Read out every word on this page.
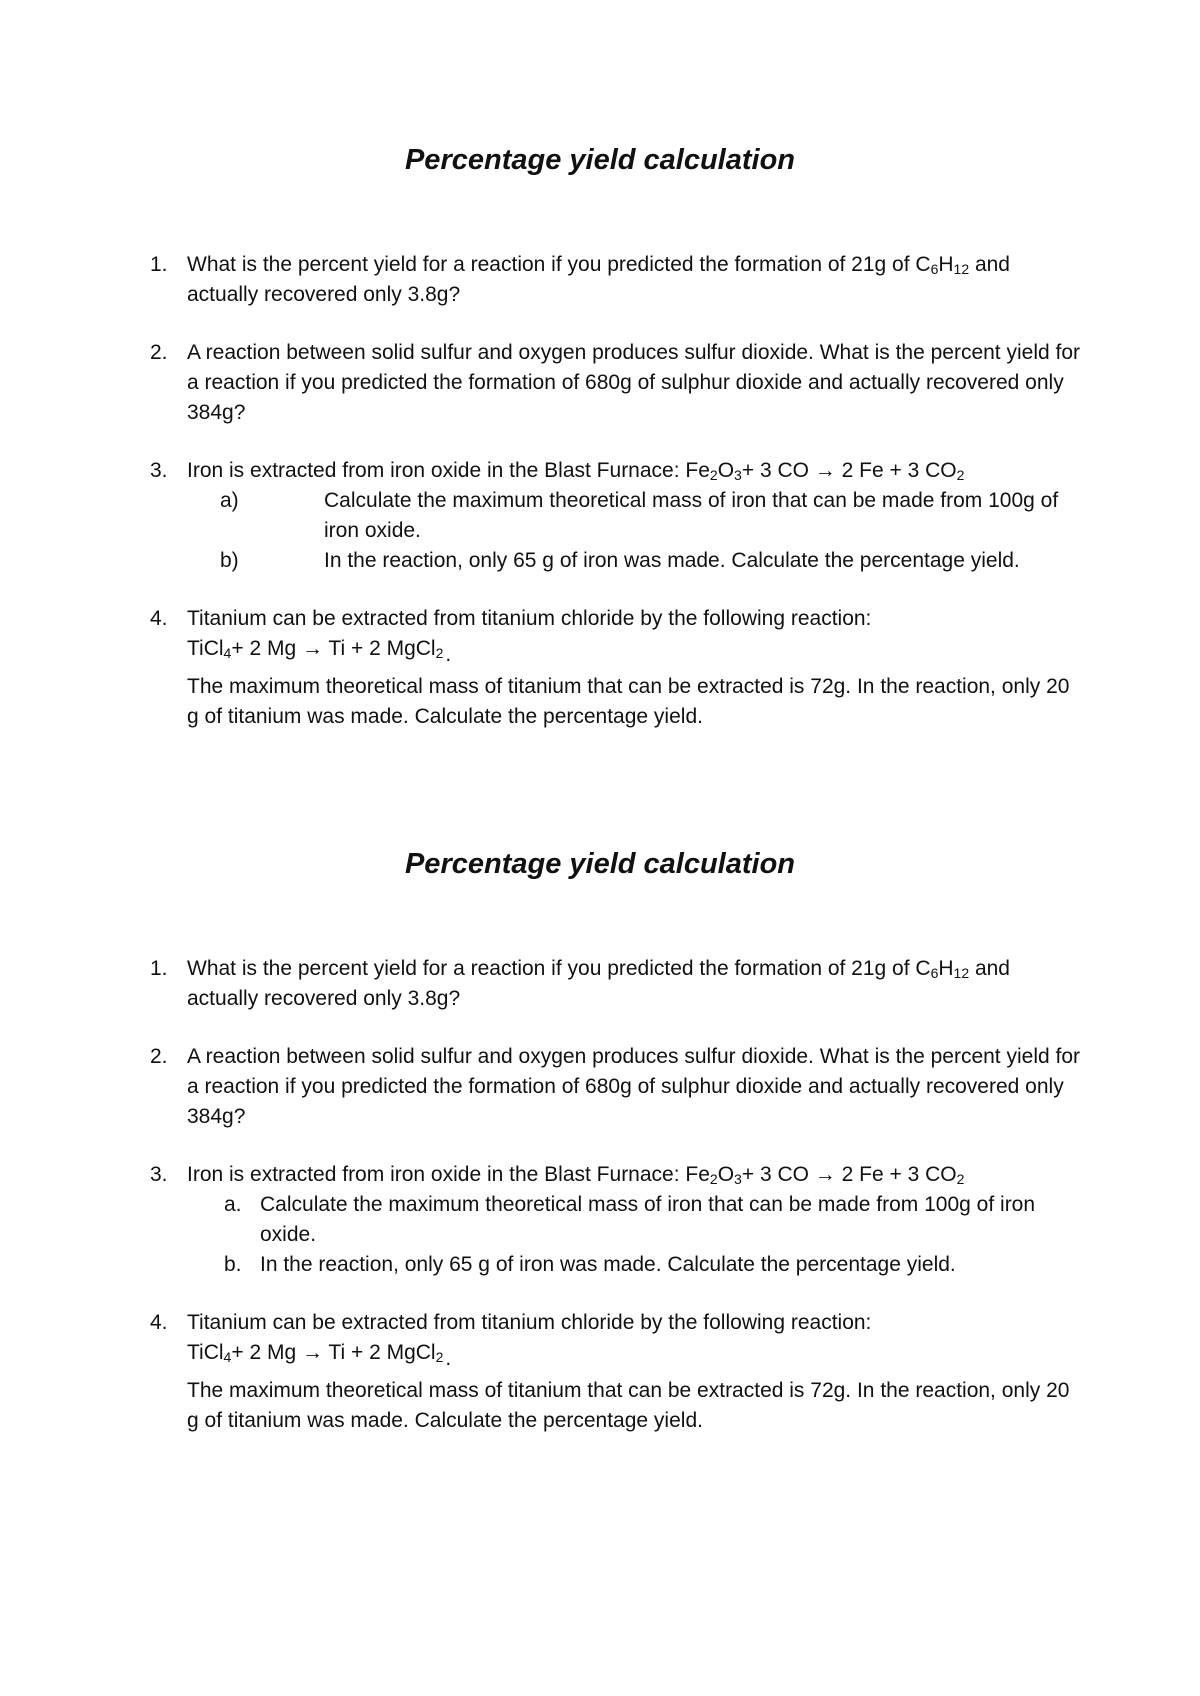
Percentage yield calculation
1. What is the percent yield for a reaction if you predicted the formation of 21g of $C_6H_{12}$ and actually recovered only 3.8g?

2. A reaction between solid sulfur and oxygen produces sulfur dioxide. What is the percent yield for a reaction if you predicted the formation of 680g of sulphur dioxide and actually recovered only 384g?

3. Iron is extracted from iron oxide in the Blast Furnace: $Fe_2O_3+ 3$ CO → 2 Fe + 3 $CO_2$

a)	Calculate the maximum theoretical mass of iron that can be made from 100g of iron oxide.
b)	In the reaction, only 65 g of iron was made. Calculate the percentage yield.
4. Titanium can be extracted from titanium chloride by the following reaction:

TiCl$_4$+ 2 Mg → Ti + 2 MgCl$_2$.

The maximum theoretical mass of titanium that can be extracted is 72g. In the reaction, only 20 g of titanium was made. Calculate the percentage yield.

Percentage yield calculation
1. What is the percent yield for a reaction if you predicted the formation of 21g of $C_6H_{12}$ and actually recovered only 3.8g?

2. A reaction between solid sulfur and oxygen produces sulfur dioxide. What is the percent yield for a reaction if you predicted the formation of 680g of sulphur dioxide and actually recovered only 384g?

3. Iron is extracted from iron oxide in the Blast Furnace: $Fe_2O_3+ 3$ CO → 2 Fe + 3 $CO_2$

a. Calculate the maximum theoretical mass of iron that can be made from 100g of iron oxide.
b. In the reaction, only 65 g of iron was made. Calculate the percentage yield.
4. Titanium can be extracted from titanium chloride by the following reaction:

TiCl$_4$+ 2 Mg → Ti + 2 MgCl$_2$.

The maximum theoretical mass of titanium that can be extracted is 72g. In the reaction, only 20 g of titanium was made. Calculate the percentage yield.
